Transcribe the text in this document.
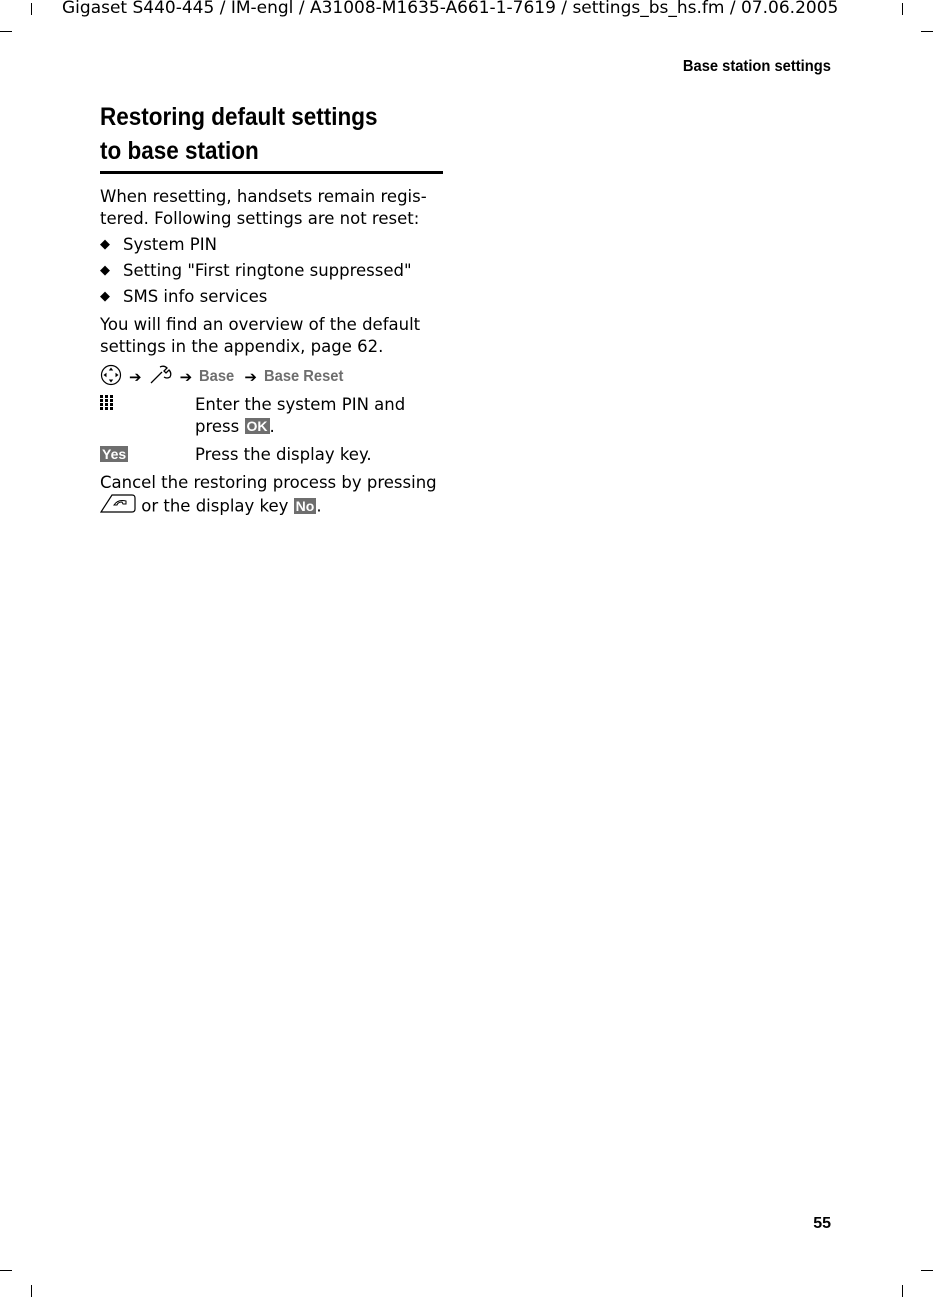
Gigaset S440-445 / IM-engl / A31008-M1635-A661-1-7619 / settings_bs_hs.fm / 07.06.2005
Base station settings
Restoring default settings
to base station

When resetting, handsets remain regis-tered. Following settings are not reset:

◆ System PIN
◆ Setting "First ringtone suppressed"
◆ SMS info services

You will find an overview of the default settings in the appendix, page 62.

➔	➔ Base ➔ Base Reset
Enter the system PIN and press OK .
Yes	Press the display key.

Cancel the restoring process by pressing
or the display key No .

55
